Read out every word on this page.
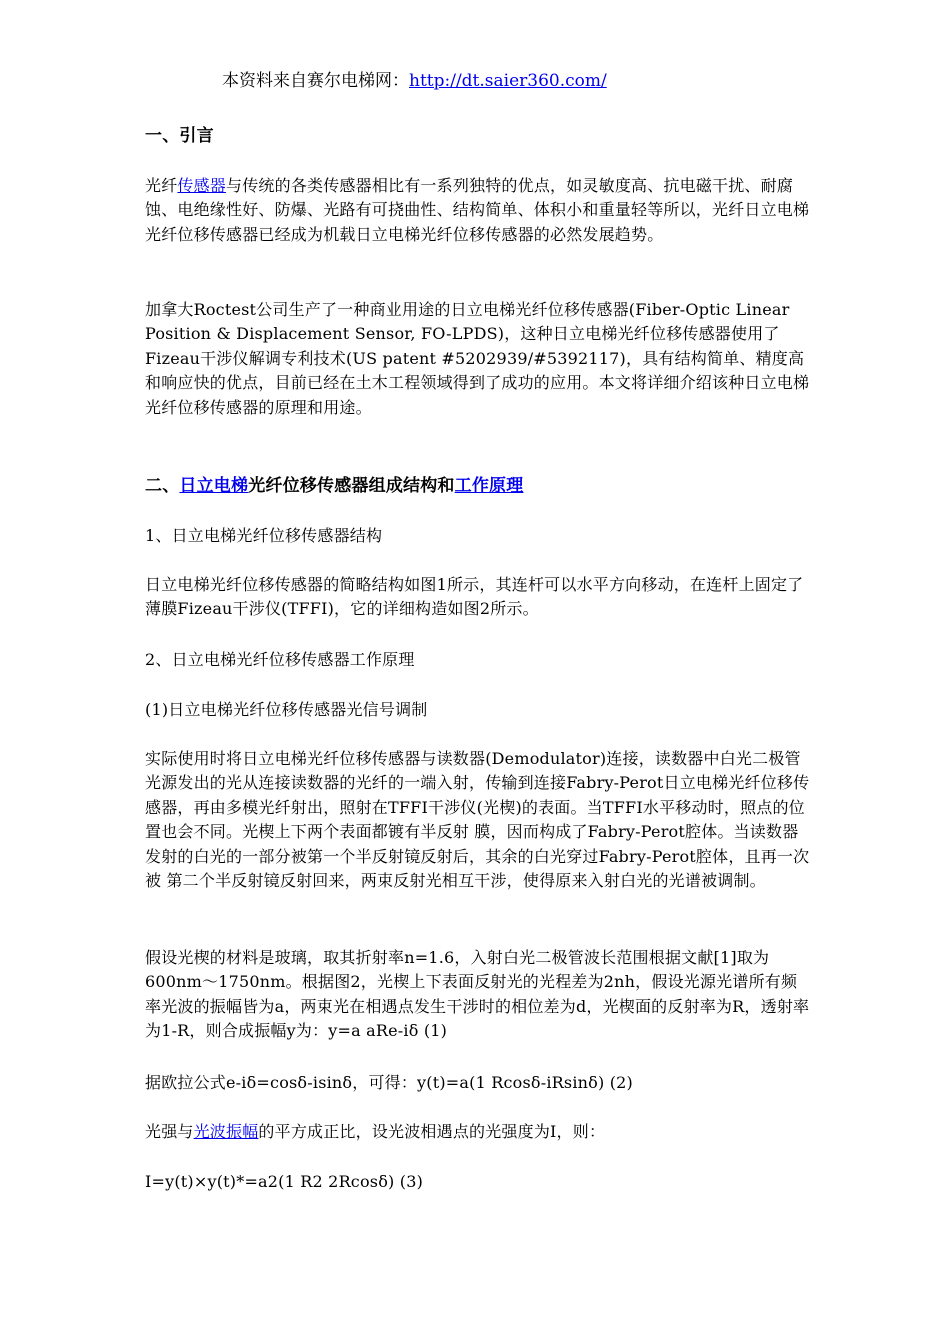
本资料来自赛尔电梯网：http://dt.saier360.com/
一、引言

光纤传感器与传统的各类传感器相比有一系列独特的优点，如灵敏度高、抗电磁干扰、耐腐蚀、电绝缘性好、防爆、光路有可挠曲性、结构简单、体积小和重量轻等所以，光纤日立电梯光纤位移传感器已经成为机载日立电梯光纤位移传感器的必然发展趋势。

加拿大Roctest公司生产了一种商业用途的日立电梯光纤位移传感器(Fiber-Optic Linear Position & Displacement Sensor, FO-LPDS)，这种日立电梯光纤位移传感器使用了Fizeau干涉仪解调专利技术(US patent #5202939/#5392117)，具有结构简单、精度高和响应快的优点，目前已经在土木工程领域得到了成功的应用。本文将详细介绍该种日立电梯光纤位移传感器的原理和用途。

二、日立电梯光纤位移传感器组成结构和工作原理
1、日立电梯光纤位移传感器结构

日立电梯光纤位移传感器的简略结构如图1所示，其连杆可以水平方向移动，在连杆上固定了薄膜Fizeau干涉仪(TFFI)，它的详细构造如图2所示。

2、日立电梯光纤位移传感器工作原理
(1)日立电梯光纤位移传感器光信号调制

实际使用时将日立电梯光纤位移传感器与读数器(Demodulator)连接，读数器中白光二极管光源发出的光从连接读数器的光纤的一端入射，传输到连接Fabry-Perot日立电梯光纤位移传感器，再由多模光纤射出，照射在TFFI干涉仪(光楔)的表面。当TFFI水平移动时，照点的位置也会不同。光楔上下两个表面都镀有半反射 膜，因而构成了Fabry-Perot腔体。当读数器发射的白光的一部分被第一个半反射镜反射后，其余的白光穿过Fabry-Perot腔体，且再一次被 第二个半反射镜反射回来，两束反射光相互干涉，使得原来入射白光的光谱被调制。

假设光楔的材料是玻璃，取其折射率n=1.6，入射白光二极管波长范围根据文献[1]取为600nm～1750nm。根据图2，光楔上下表面反射光的光程差为2nh，假设光源光谱所有频率光波的振幅皆为a，两束光在相遇点发生干涉时的相位差为d，光楔面的反射率为R，透射率为1-R，则合成振幅y为：y=a aRe-iδ (1)

据欧拉公式e-iδ=cosδ-isinδ，可得：y(t)=a(1 Rcosδ-iRsinδ) (2)

光强与光波振幅的平方成正比，设光波相遇点的光强度为I，则：

I=y(t)×y(t)*=a2(1 R2 2Rcosδ) (3)
